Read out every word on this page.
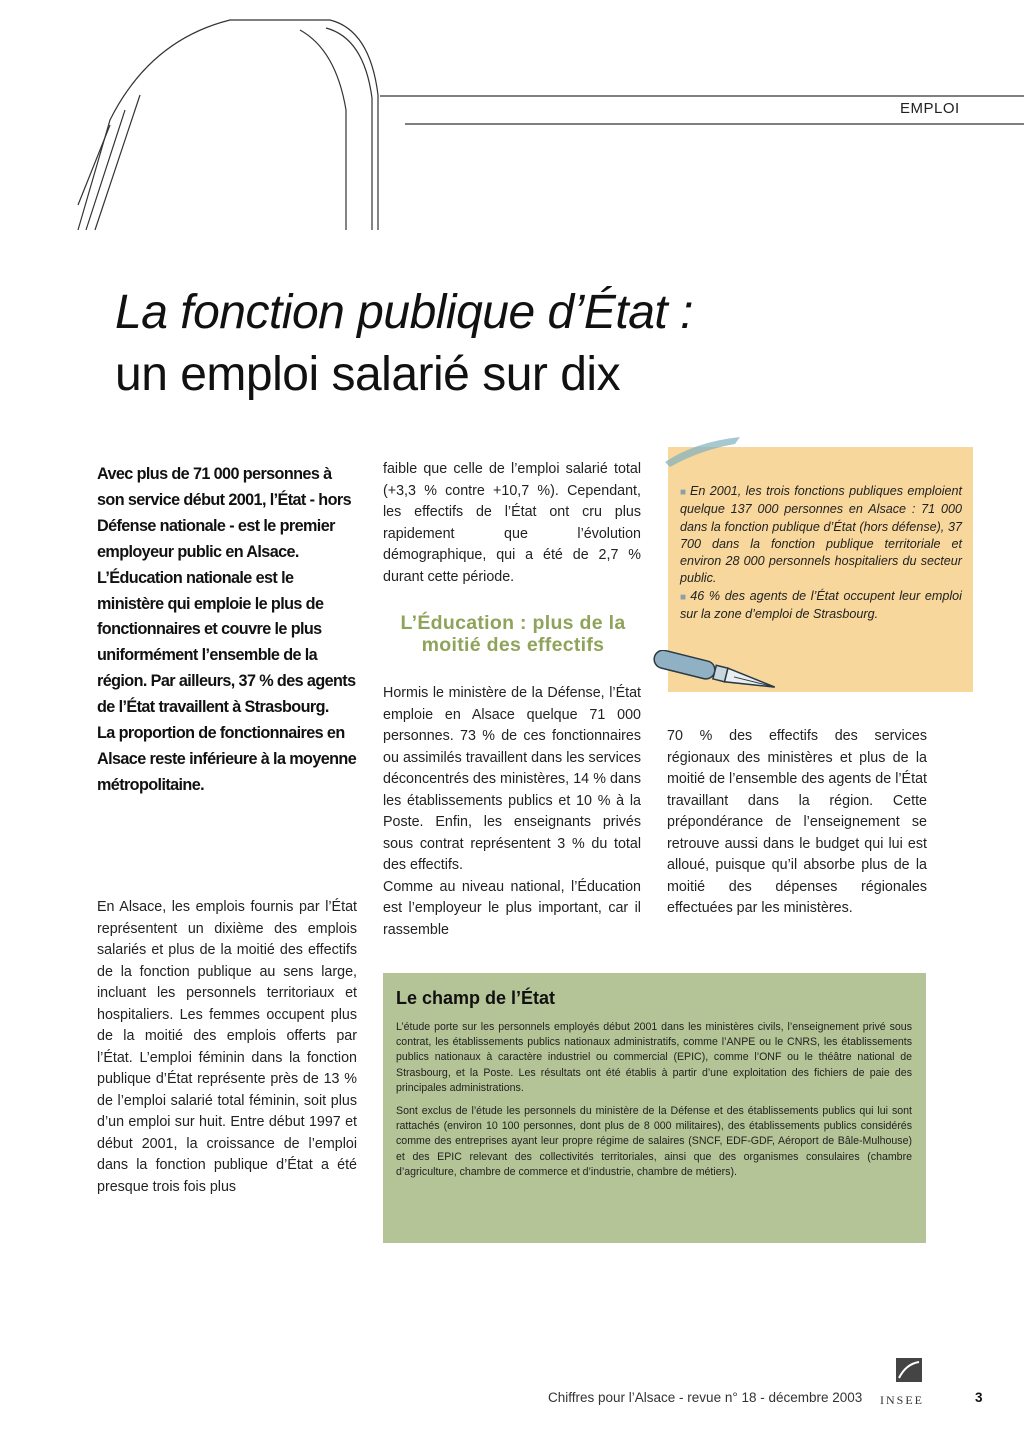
EMPLOI
La fonction publique d’État :
un emploi salarié sur dix

Avec plus de 71 000 personnes à son service début 2001, l’État - hors Défense nationale - est le premier employeur public en Alsace.

L’Éducation nationale est le ministère qui emploie le plus de fonctionnaires et couvre le plus uniformément l’ensemble de la région. Par ailleurs, 37 % des agents de l’État travaillent à Strasbourg.

La proportion de fonctionnaires en Alsace reste inférieure à la moyenne métropolitaine.

En Alsace, les emplois fournis par l’État représentent un dixième des emplois salariés et plus de la moitié des effectifs de la fonction publique au sens large, incluant les personnels territoriaux et hospitaliers. Les femmes occupent plus de la moitié des emplois offerts par l’État. L’emploi féminin dans la fonction publique d’État représente près de 13 % de l’emploi salarié total féminin, soit plus d’un emploi sur huit. Entre début 1997 et début 2001, la croissance de l’emploi dans la fonction publique d’État a été presque trois fois plus

faible que celle de l’emploi salarié total (+3,3 % contre +10,7 %). Cependant, les effectifs de l’État ont cru plus rapidement que l’évolution démographique, qui a été de 2,7 % durant cette période.

L’Éducation : plus de la moitié des effectifs

Hormis le ministère de la Défense, l’État emploie en Alsace quelque 71 000 personnes. 73 % de ces fonctionnaires ou assimilés travaillent dans les services déconcentrés des ministères, 14 % dans les établissements publics et 10 % à la Poste. Enfin, les enseignants privés sous contrat représentent 3 % du total des effectifs.

Comme au niveau national, l’Éducation est l’employeur le plus important, car il rassemble

70 % des effectifs des services régionaux des ministères et plus de la moitié de l’ensemble des agents de l’État travaillant dans la région. Cette prépondérance de l’enseignement se retrouve aussi dans le budget qui lui est alloué, puisque qu’il absorbe plus de la moitié des dépenses régionales effectuées par les ministères.

■ En 2001, les trois fonctions publiques emploient quelque 137 000 personnes en Alsace : 71 000 dans la fonction publique d’État (hors défense), 37 700 dans la fonction publique territoriale et environ 28 000 personnels hospitaliers du secteur public.

■ 46 % des agents de l’État occupent leur emploi sur la zone d’emploi de Strasbourg.

Le champ de l’État

L’étude porte sur les personnels employés début 2001 dans les ministères civils, l’enseignement privé sous contrat, les établissements publics nationaux administratifs, comme l’ANPE ou le CNRS, les établissements publics nationaux à caractère industriel ou commercial (EPIC), comme l’ONF ou le théâtre national de Strasbourg, et la Poste. Les résultats ont été établis à partir d’une exploitation des fichiers de paie des principales administrations.

Sont exclus de l’étude les personnels du ministère de la Défense et des établissements publics qui lui sont rattachés (environ 10 100 personnes, dont plus de 8 000 militaires), des établissements publics considérés comme des entreprises ayant leur propre régime de salaires (SNCF, EDF-GDF, Aéroport de Bâle-Mulhouse) et des EPIC relevant des collectivités territoriales, ainsi que des organismes consulaires (chambre d’agriculture, chambre de commerce et d’industrie, chambre de métiers).

Chiffres pour l’Alsace - revue n° 18 - décembre 2003 INSEE	3
